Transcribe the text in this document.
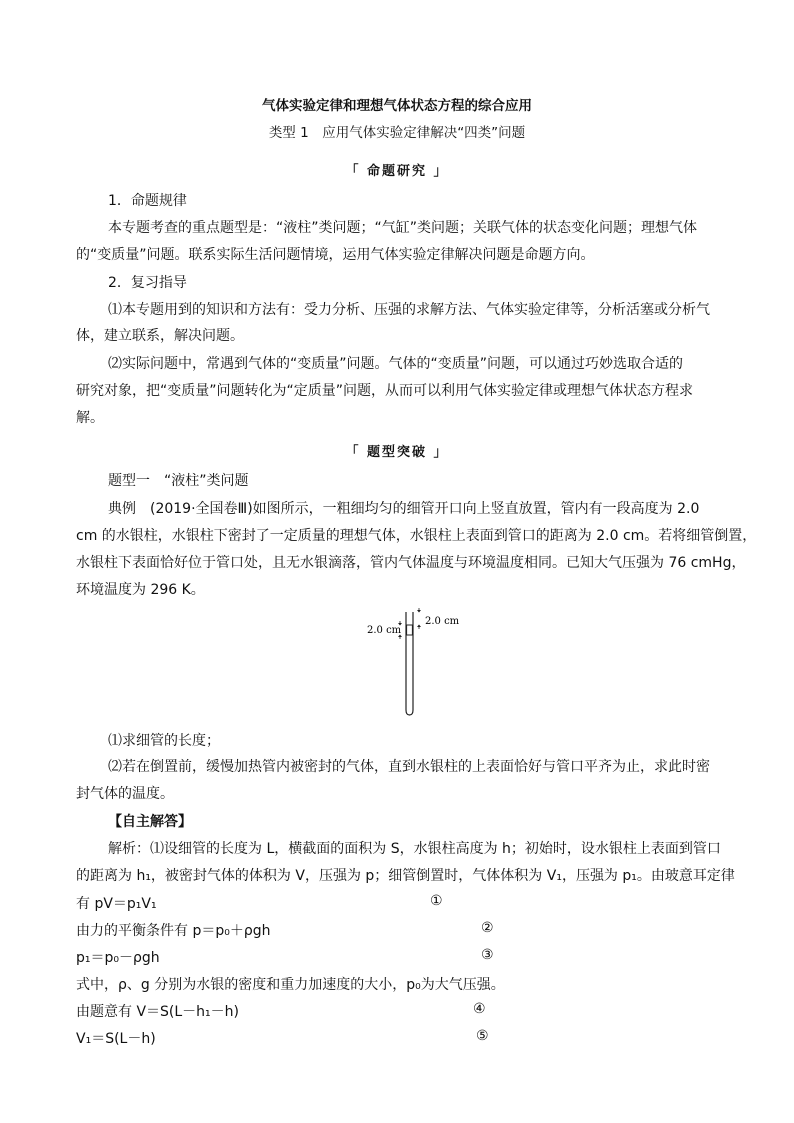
气体实验定律和理想气体状态方程的综合应用
类型 1　应用气体实验定律解决“四类”问题
「 命题研究 」
1．命题规律
本专题考查的重点题型是：“液柱”类问题；“气缸”类问题；关联气体的状态变化问题；理想气体
的“变质量”问题。联系实际生活问题情境，运用气体实验定律解决问题是命题方向。
2．复习指导
⑴本专题用到的知识和方法有：受力分析、压强的求解方法、气体实验定律等，分析活塞或分析气
体，建立联系，解决问题。
⑵实际问题中，常遇到气体的“变质量”问题。气体的“变质量”问题，可以通过巧妙选取合适的
研究对象，把“变质量”问题转化为“定质量”问题，从而可以利用气体实验定律或理想气体状态方程求
解。
「 题型突破 」
题型一　“液柱”类问题
典例　(2019·全国卷Ⅲ)如图所示，一粗细均匀的细管开口向上竖直放置，管内有一段高度为 2.0
cm 的水银柱，水银柱下密封了一定质量的理想气体，水银柱上表面到管口的距离为 2.0 cm。若将细管倒置，
水银柱下表面恰好位于管口处，且无水银滴落，管内气体温度与环境温度相同。已知大气压强为 76 cmHg，
环境温度为 296 K。
2.0 cm
2.0 cm
⑴求细管的长度；
⑵若在倒置前，缓慢加热管内被密封的气体，直到水银柱的上表面恰好与管口平齐为止，求此时密
封气体的温度。
【自主解答】
解析：⑴设细管的长度为 L，横截面的面积为 S，水银柱高度为 h；初始时，设水银柱上表面到管口
的距离为 h₁，被密封气体的体积为 V，压强为 p；细管倒置时，气体体积为 V₁，压强为 p₁。由玻意耳定律
有 pV＝p₁V₁	①
由力的平衡条件有 p＝p₀＋ρgh	②
p₁＝p₀－ρgh	③
式中，ρ、g 分别为水银的密度和重力加速度的大小，p₀为大气压强。
由题意有 V＝S(L－h₁－h)	④
V₁＝S(L－h)	⑤
